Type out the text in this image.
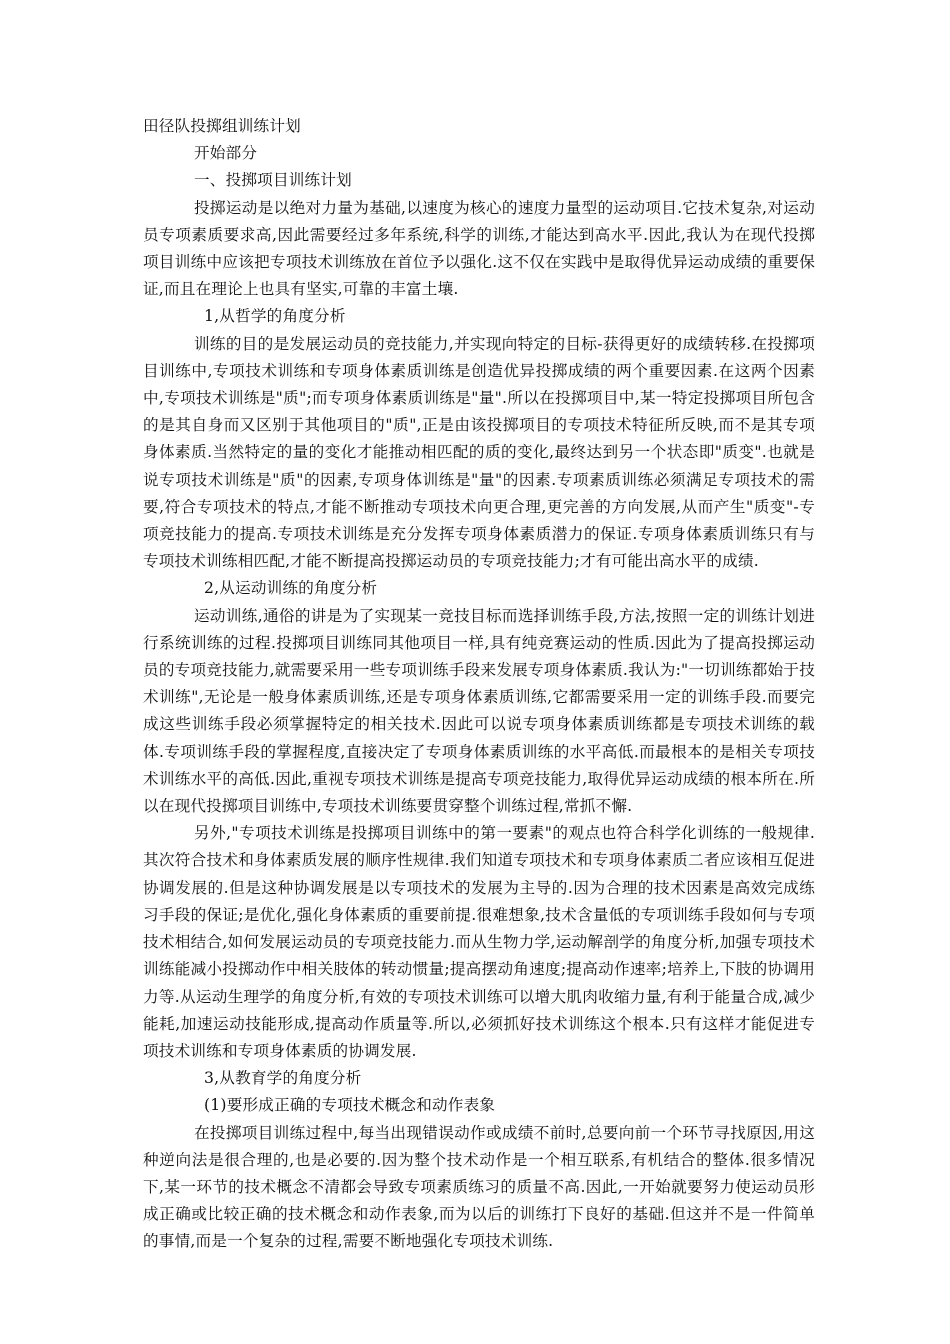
田径队投掷组训练计划

开始部分

一、投掷项目训练计划

投掷运动是以绝对力量为基础,以速度为核心的速度力量型的运动项目.它技术复杂,对运动员专项素质要求高,因此需要经过多年系统,科学的训练,才能达到高水平.因此,我认为在现代投掷项目训练中应该把专项技术训练放在首位予以强化.这不仅在实践中是取得优异运动成绩的重要保证,而且在理论上也具有坚实,可靠的丰富土壤.

1,从哲学的角度分析

训练的目的是发展运动员的竞技能力,并实现向特定的目标-获得更好的成绩转移.在投掷项目训练中,专项技术训练和专项身体素质训练是创造优异投掷成绩的两个重要因素.在这两个因素中,专项技术训练是"质";而专项身体素质训练是"量".所以在投掷项目中,某一特定投掷项目所包含的是其自身而又区别于其他项目的"质",正是由该投掷项目的专项技术特征所反映,而不是其专项身体素质.当然特定的量的变化才能推动相匹配的质的变化,最终达到另一个状态即"质变".也就是说专项技术训练是"质"的因素,专项身体训练是"量"的因素.专项素质训练必须满足专项技术的需要,符合专项技术的特点,才能不断推动专项技术向更合理,更完善的方向发展,从而产生"质变"-专项竞技能力的提高.专项技术训练是充分发挥专项身体素质潜力的保证.专项身体素质训练只有与专项技术训练相匹配,才能不断提高投掷运动员的专项竞技能力;才有可能出高水平的成绩.

2,从运动训练的角度分析

运动训练,通俗的讲是为了实现某一竞技目标而选择训练手段,方法,按照一定的训练计划进行系统训练的过程.投掷项目训练同其他项目一样,具有纯竞赛运动的性质.因此为了提高投掷运动员的专项竞技能力,就需要采用一些专项训练手段来发展专项身体素质.我认为:"一切训练都始于技术训练",无论是一般身体素质训练,还是专项身体素质训练,它都需要采用一定的训练手段.而要完成这些训练手段必须掌握特定的相关技术.因此可以说专项身体素质训练都是专项技术训练的载体.专项训练手段的掌握程度,直接决定了专项身体素质训练的水平高低.而最根本的是相关专项技术训练水平的高低.因此,重视专项技术训练是提高专项竞技能力,取得优异运动成绩的根本所在.所以在现代投掷项目训练中,专项技术训练要贯穿整个训练过程,常抓不懈.

另外,"专项技术训练是投掷项目训练中的第一要素"的观点也符合科学化训练的一般规律.其次符合技术和身体素质发展的顺序性规律.我们知道专项技术和专项身体素质二者应该相互促进协调发展的.但是这种协调发展是以专项技术的发展为主导的.因为合理的技术因素是高效完成练习手段的保证;是优化,强化身体素质的重要前提.很难想象,技术含量低的专项训练手段如何与专项技术相结合,如何发展运动员的专项竞技能力.而从生物力学,运动解剖学的角度分析,加强专项技术训练能减小投掷动作中相关肢体的转动惯量;提高摆动角速度;提高动作速率;培养上,下肢的协调用力等.从运动生理学的角度分析,有效的专项技术训练可以增大肌肉收缩力量,有利于能量合成,减少能耗,加速运动技能形成,提高动作质量等.所以,必须抓好技术训练这个根本.只有这样才能促进专项技术训练和专项身体素质的协调发展.

3,从教育学的角度分析

(1)要形成正确的专项技术概念和动作表象

在投掷项目训练过程中,每当出现错误动作或成绩不前时,总要向前一个环节寻找原因,用这种逆向法是很合理的,也是必要的.因为整个技术动作是一个相互联系,有机结合的整体.很多情况下,某一环节的技术概念不清都会导致专项素质练习的质量不高.因此,一开始就要努力使运动员形成正确或比较正确的技术概念和动作表象,而为以后的训练打下良好的基础.但这并不是一件简单的事情,而是一个复杂的过程,需要不断地强化专项技术训练.
